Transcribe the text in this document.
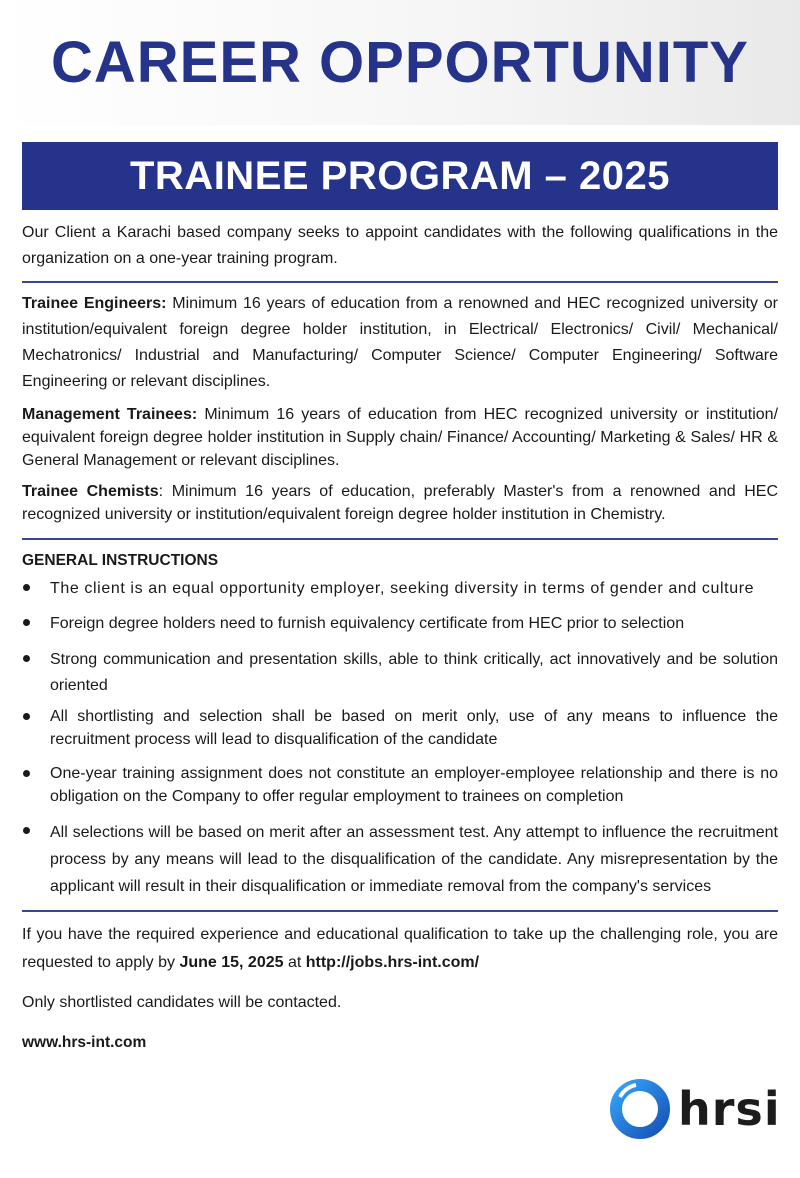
CAREER OPPORTUNITY
TRAINEE PROGRAM – 2025

Our Client a Karachi based company seeks to appoint candidates with the following qualifications in the organization on a one-year training program.

Trainee Engineers: Minimum 16 years of education from a renowned and HEC recognized university or institution/equivalent foreign degree holder institution, in Electrical/ Electronics/ Civil/ Mechanical/ Mechatronics/ Industrial and Manufacturing/ Computer Science/ Computer Engineering/ Software Engineering or relevant disciplines.

Management Trainees: Minimum 16 years of education from HEC recognized university or institution/ equivalent foreign degree holder institution in Supply chain/ Finance/ Accounting/ Marketing & Sales/ HR & General Management or relevant disciplines.

Trainee Chemists: Minimum 16 years of education, preferably Master's from a renowned and HEC recognized university or institution/equivalent foreign degree holder institution in Chemistry.

GENERAL INSTRUCTIONS
The client is an equal opportunity employer, seeking diversity in terms of gender and culture
Foreign degree holders need to furnish equivalency certificate from HEC prior to selection
Strong communication and presentation skills, able to think critically, act innovatively and be solution oriented
All shortlisting and selection shall be based on merit only, use of any means to influence the recruitment process will lead to disqualification of the candidate
One-year training assignment does not constitute an employer-employee relationship and there is no obligation on the Company to offer regular employment to trainees on completion
All selections will be based on merit after an assessment test. Any attempt to influence the recruitment process by any means will lead to the disqualification of the candidate. Any misrepresentation by the applicant will result in their disqualification or immediate removal from the company's services

If you have the required experience and educational qualification to take up the challenging role, you are requested to apply by June 15, 2025 at http://jobs.hrs-int.com/

Only shortlisted candidates will be contacted.

www.hrs-int.com
hrsi
